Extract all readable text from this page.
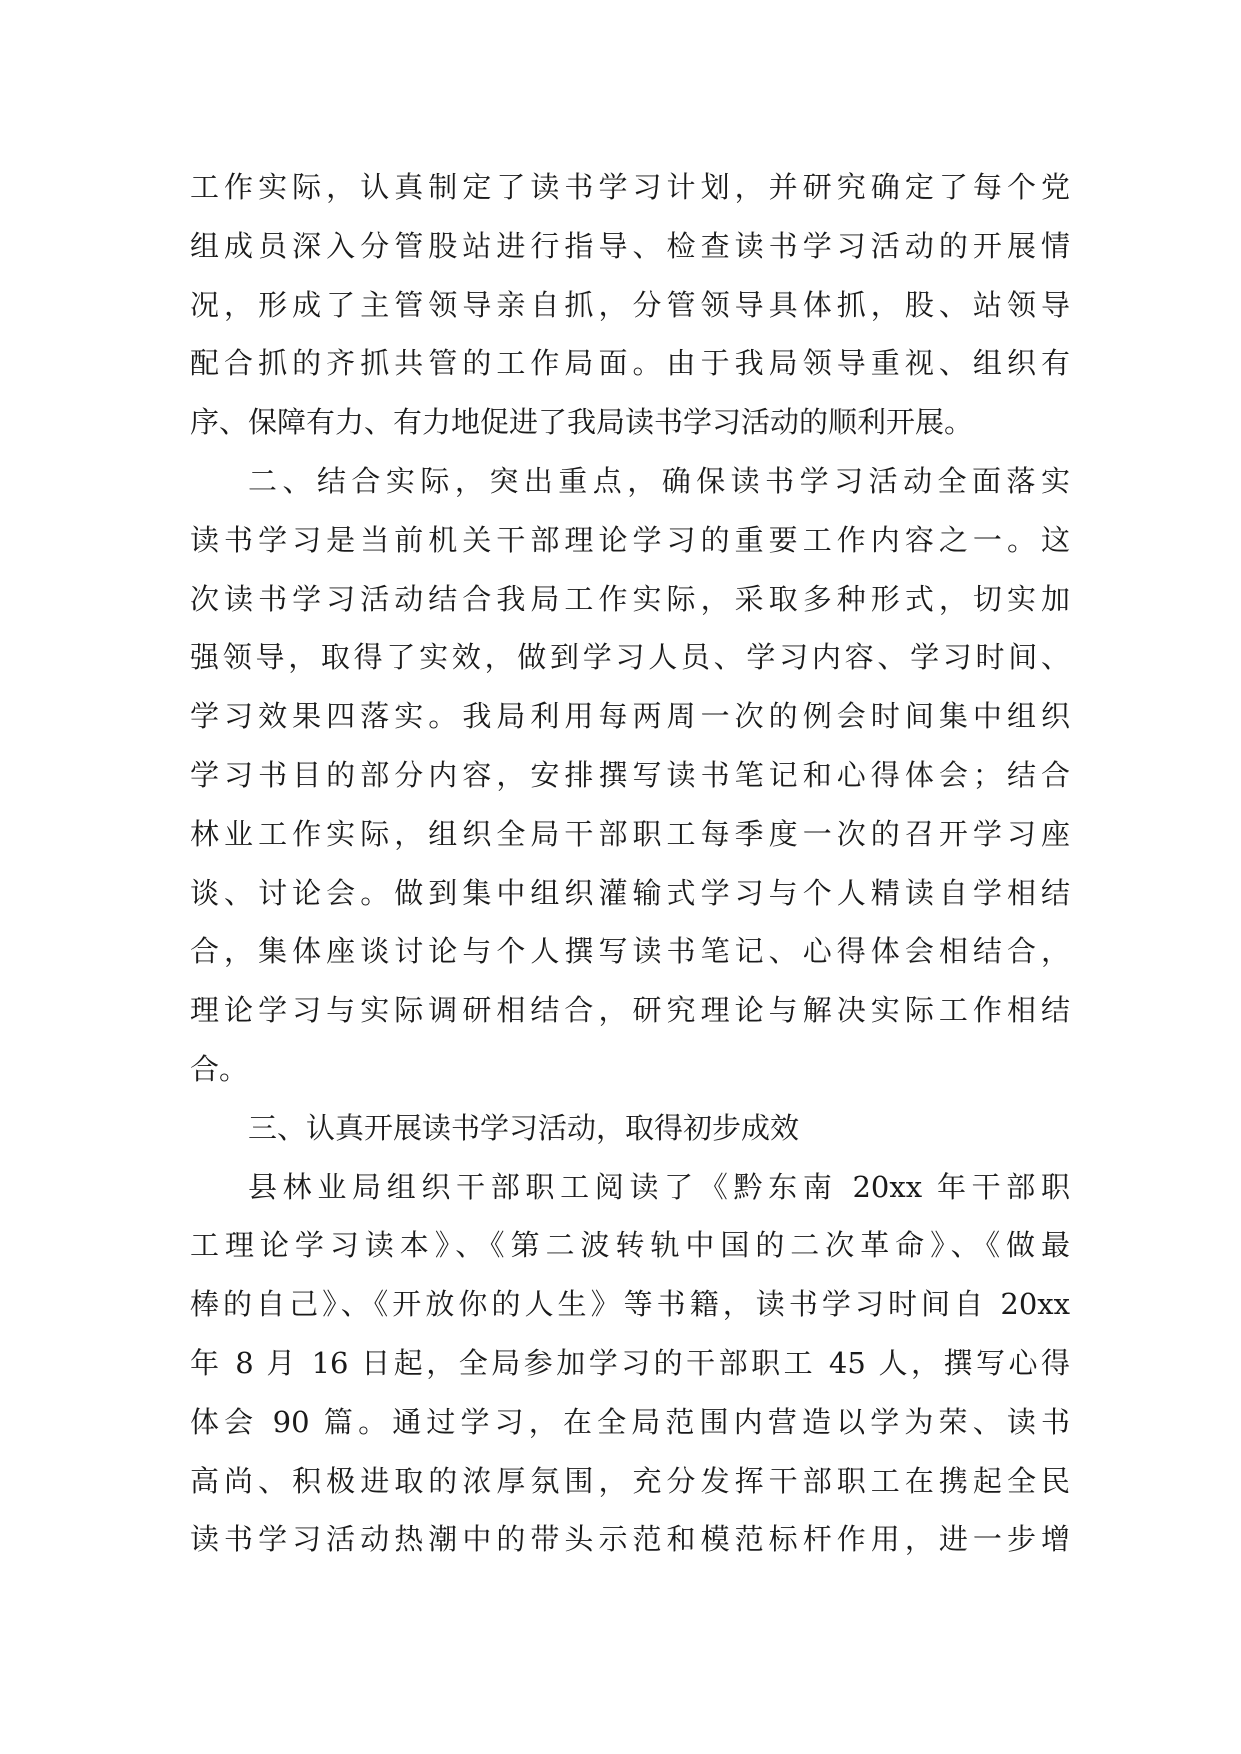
工作实际，认真制定了读书学习计划，并研究确定了每个党
组成员深入分管股站进行指导、检查读书学习活动的开展情
况，形成了主管领导亲自抓，分管领导具体抓，股、站领导
配合抓的齐抓共管的工作局面。由于我局领导重视、组织有
序、保障有力、有力地促进了我局读书学习活动的顺利开展。
二、结合实际，突出重点，确保读书学习活动全面落实
读书学习是当前机关干部理论学习的重要工作内容之一。这
次读书学习活动结合我局工作实际，采取多种形式，切实加
强领导，取得了实效，做到学习人员、学习内容、学习时间、
学习效果四落实。我局利用每两周一次的例会时间集中组织
学习书目的部分内容，安排撰写读书笔记和心得体会；结合
林业工作实际，组织全局干部职工每季度一次的召开学习座
谈、讨论会。做到集中组织灌输式学习与个人精读自学相结
合，集体座谈讨论与个人撰写读书笔记、心得体会相结合，
理论学习与实际调研相结合，研究理论与解决实际工作相结
合。
三、认真开展读书学习活动，取得初步成效
县林业局组织干部职工阅读了《黔东南 20xx 年干部职
工理论学习读本》、《第二波转轨中国的二次革命》、《做最
棒的自己》、《开放你的人生》等书籍，读书学习时间自 20xx
年 8 月 16 日起，全局参加学习的干部职工 45 人，撰写心得
体会 90 篇。通过学习，在全局范围内营造以学为荣、读书
高尚、积极进取的浓厚氛围，充分发挥干部职工在携起全民
读书学习活动热潮中的带头示范和模范标杆作用，进一步增
